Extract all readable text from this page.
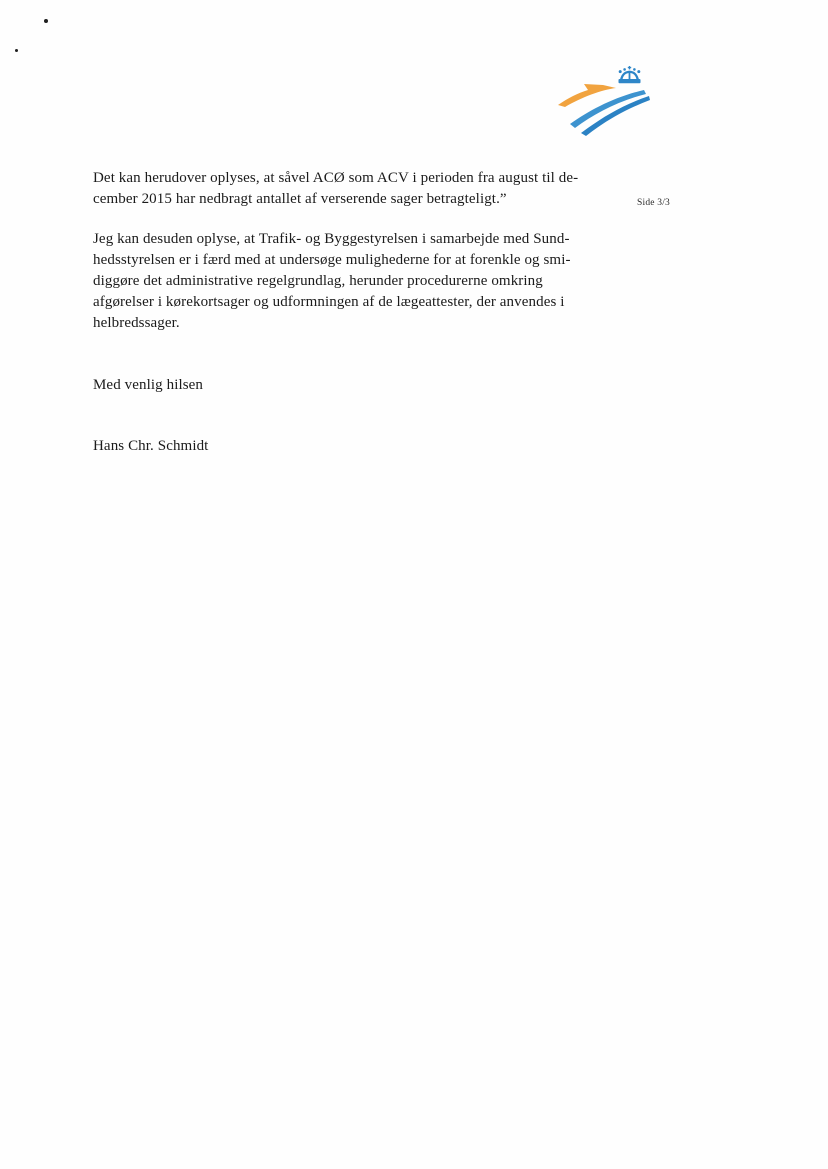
Det kan herudover oplyses, at såvel ACØ som ACV i perioden fra august til de-
cember 2015 har nedbragt antallet af verserende sager betragteligt.”	Side 3/3
Jeg kan desuden oplyse, at Trafik- og Byggestyrelsen i samarbejde med Sund-
hedsstyrelsen er i færd med at undersøge mulighederne for at forenkle og smi-
diggøre det administrative regelgrundlag, herunder procedurerne omkring
afgørelser i kørekortsager og udformningen af de lægeattester, der anvendes i
helbredssager.
Med venlig hilsen
Hans Chr. Schmidt
